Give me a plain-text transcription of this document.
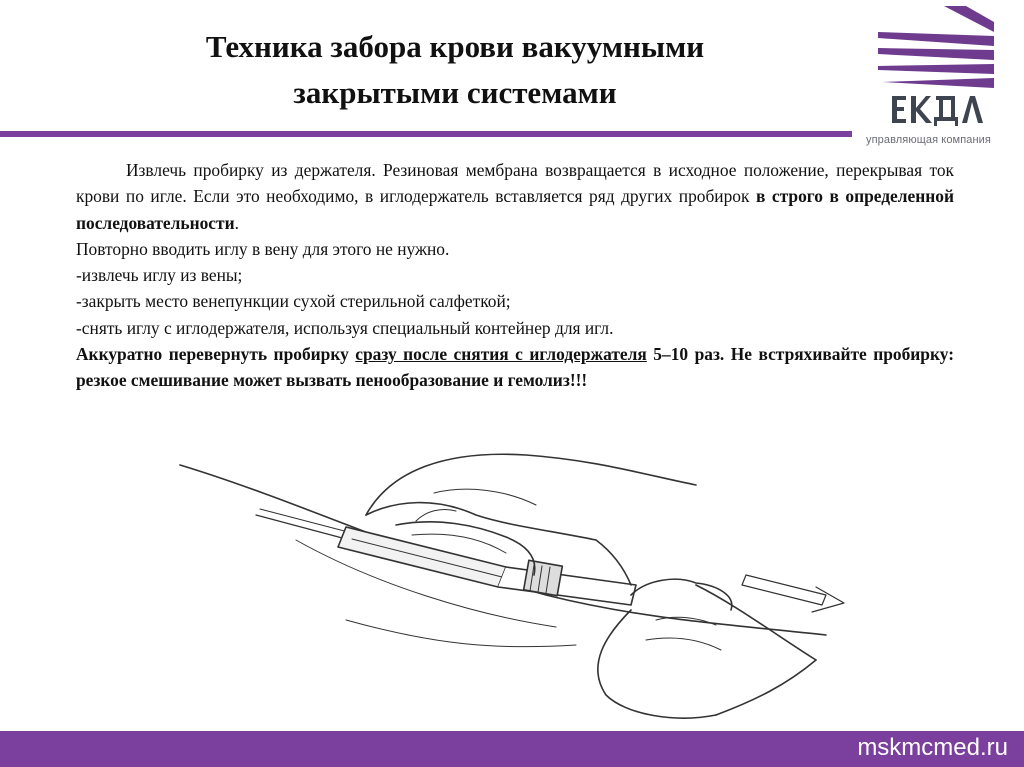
Техника забора крови вакуумными
закрытыми системами
управляющая компания

Извлечь пробирку из держателя. Резиновая мембрана возвращается в исходное положение, перекрывая ток крови по игле. Если это необходимо, в иглодержатель вставляется ряд других пробирок в строго в определенной последовательности.

Повторно вводить иглу в вену для этого не нужно.

-извлечь иглу из вены;

-закрыть место венепункции сухой стерильной салфеткой;

-снять иглу с иглодержателя, используя специальный контейнер для игл.

Аккуратно перевернуть пробирку сразу после снятия с иглодержателя 5–10 раз. Не встряхивайте пробирку: резкое смешивание может вызвать пенообразование и гемолиз!!!

mskmcmed.ru
